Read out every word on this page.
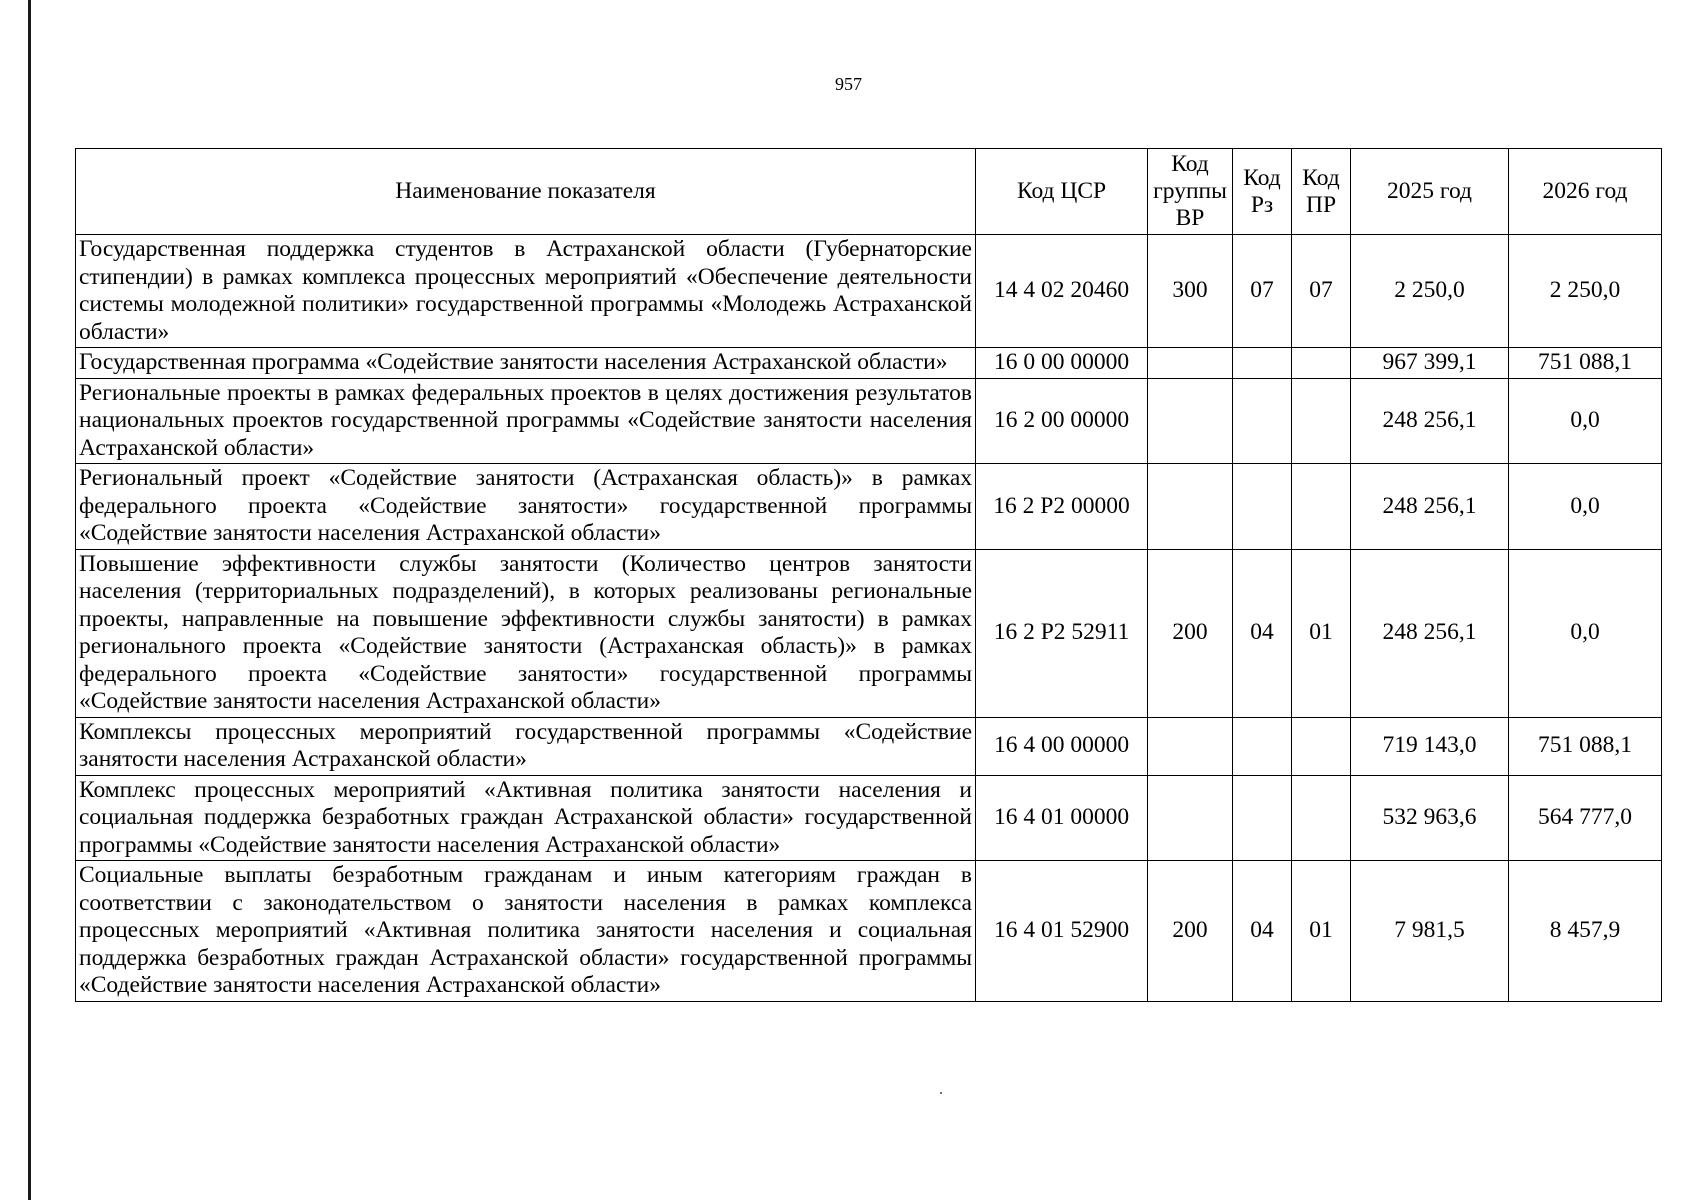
957
Наименование показателя	Код ЦСР	Код группы ВР	Код Рз	Код ПР	2025 год	2026 год
Государственная поддержка студентов в Астраханской области (Губернаторские стипендии) в рамках комплекса процессных мероприятий «Обеспечение деятельности системы молодежной политики» государственной программы «Молодежь Астраханской области»	14 4 02 20460	300	07	07	2 250,0	2 250,0
Государственная программа «Содействие занятости населения Астраханской области»	16 0 00 00000				967 399,1	751 088,1
Региональные проекты в рамках федеральных проектов в целях достижения результатов национальных проектов государственной программы «Содействие занятости населения Астраханской области»	16 2 00 00000				248 256,1	0,0
Региональный проект «Содействие занятости (Астраханская область)» в рамках федерального проекта «Содействие занятости» государственной программы «Содействие занятости населения Астраханской области»	16 2 P2 00000				248 256,1	0,0
Повышение эффективности службы занятости (Количество центров занятости населения (территориальных подразделений), в которых реализованы региональные проекты, направленные на повышение эффективности службы занятости) в рамках регионального проекта «Содействие занятости (Астраханская область)» в рамках федерального проекта «Содействие занятости» государственной программы «Содействие занятости населения Астраханской области»	16 2 P2 52911	200	04	01	248 256,1	0,0
Комплексы процессных мероприятий государственной программы «Содействие занятости населения Астраханской области»	16 4 00 00000				719 143,0	751 088,1
Комплекс процессных мероприятий «Активная политика занятости населения и социальная поддержка безработных граждан Астраханской области» государственной программы «Содействие занятости населения Астраханской области»	16 4 01 00000				532 963,6	564 777,0
Социальные выплаты безработным гражданам и иным категориям граждан в соответствии с законодательством о занятости населения в рамках комплекса процессных мероприятий «Активная политика занятости населения и социальная поддержка безработных граждан Астраханской области» государственной программы «Содействие занятости населения Астраханской области»	16 4 01 52900	200	04	01	7 981,5	8 457,9
